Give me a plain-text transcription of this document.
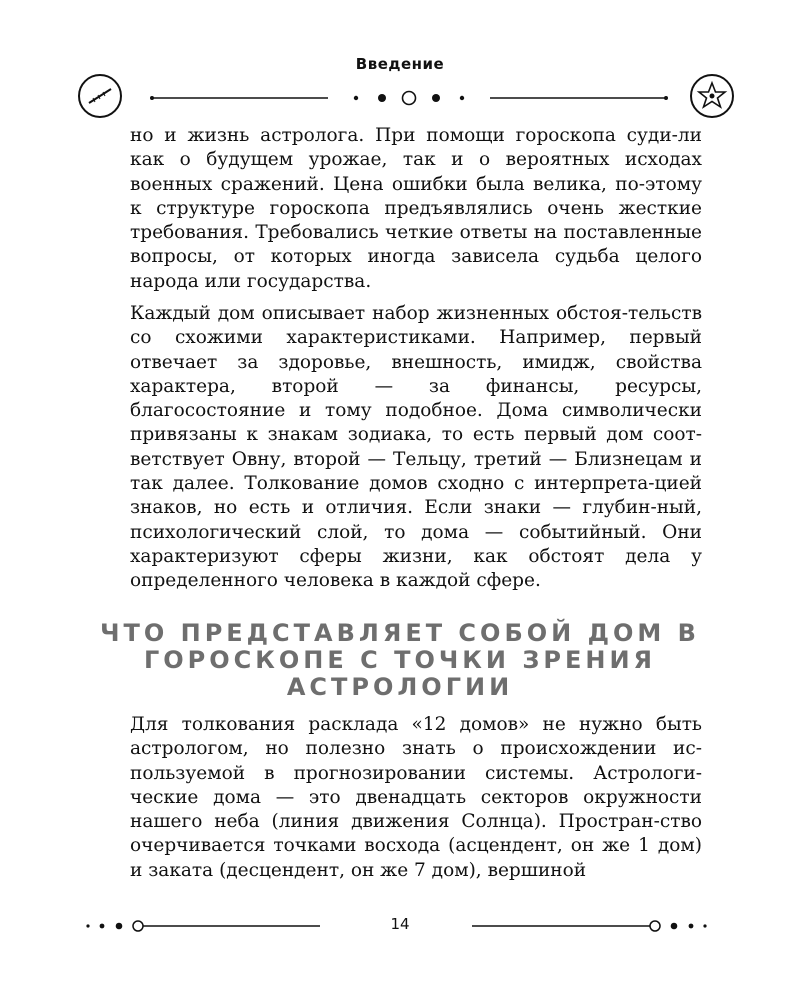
Введение

но и жизнь астролога. При помощи гороскопа суди-ли как о будущем урожае, так и о вероятных исходах военных сражений. Цена ошибки была велика, по-этому к структуре гороскопа предъявлялись очень жесткие требования. Требовались четкие ответы на поставленные вопросы, от которых иногда зависела судьба целого народа или государства.

Каждый дом описывает набор жизненных обстоя-тельств со схожими характеристиками. Например, первый отвечает за здоровье, внешность, имидж, свойства характера, второй — за финансы, ресурсы, благосостояние и тому подобное. Дома символически привязаны к знакам зодиака, то есть первый дом соот-ветствует Овну, второй — Тельцу, третий — Близнецам и так далее. Толкование домов сходно с интерпрета-цией знаков, но есть и отличия. Если знаки — глубин-ный, психологический слой, то дома — событийный. Они характеризуют сферы жизни, как обстоят дела у определенного человека в каждой сфере.

ЧТО ПРЕДСТАВЛЯЕТ СОБОЙ ДОМ В ГОРОСКОПЕ С ТОЧКИ ЗРЕНИЯ АСТРОЛОГИИ

Для толкования расклада «12 домов» не нужно быть астрологом, но полезно знать о происхождении ис-пользуемой в прогнозировании системы. Астрологи-ческие дома — это двенадцать секторов окружности нашего неба (линия движения Солнца). Простран-ство очерчивается точками восхода (асцендент, он же 1 дом) и заката (десцендент, он же 7 дом), вершиной

14
